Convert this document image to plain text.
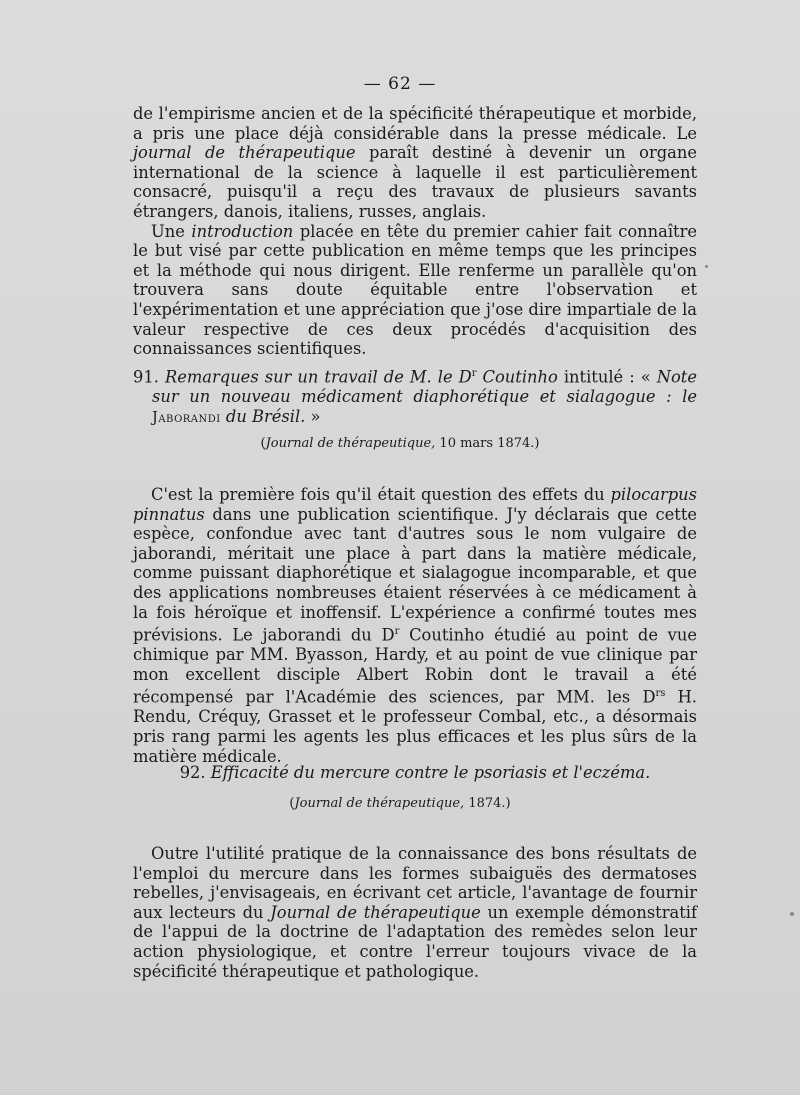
— 62 —

de l'empirisme ancien et de la spécificité thérapeutique et morbide, a pris une place déjà considérable dans la presse médicale. Le journal de thérapeutique paraît destiné à devenir un organe international de la science à laquelle il est particulièrement consacré, puisqu'il a reçu des travaux de plusieurs savants étrangers, danois, italiens, russes, anglais.

Une introduction placée en tête du premier cahier fait connaître le but visé par cette publication en même temps que les principes et la méthode qui nous dirigent. Elle renferme un parallèle qu'on trouvera sans doute équitable entre l'observation et l'expérimentation et une appréciation que j'ose dire impartiale de la valeur respective de ces deux procédés d'acquisition des connaissances scientifiques.

91. Remarques sur un travail de M. le $D^r$ Coutinho intitulé : « Note sur un nouveau médicament diaphorétique et sialagogue : le Jaborandi du Brésil. »
(Journal de thérapeutique, 10 mars 1874.)

C'est la première fois qu'il était question des effets du pilocarpus pinnatus dans une publication scientifique. J'y déclarais que cette espèce, confondue avec tant d'autres sous le nom vulgaire de jaborandi, méritait une place à part dans la matière médicale, comme puissant diaphorétique et sialagogue incomparable, et que des applications nombreuses étaient réservées à ce médicament à la fois héroïque et inoffensif. L'expérience a confirmé toutes mes prévisions. Le jaborandi du $D^r$ Coutinho étudié au point de vue chimique par MM. Byasson, Hardy, et au point de vue clinique par mon excellent disciple Albert Robin dont le travail a été récompensé par l'Académie des sciences, par MM. les $D^{rs}$ H. Rendu, Créquy, Grasset et le professeur Combal, etc., a désormais pris rang parmi les agents les plus efficaces et les plus sûrs de la matière médicale.

92. Efficacité du mercure contre le psoriasis et l'eczéma.
(Journal de thérapeutique, 1874.)

Outre l'utilité pratique de la connaissance des bons résultats de l'emploi du mercure dans les formes subaiguës des dermatoses rebelles, j'envisageais, en écrivant cet article, l'avantage de fournir aux lecteurs du Journal de thérapeutique un exemple démonstratif de l'appui de la doctrine de l'adaptation des remèdes selon leur action physiologique, et contre l'erreur toujours vivace de la spécificité thérapeutique et pathologique.
